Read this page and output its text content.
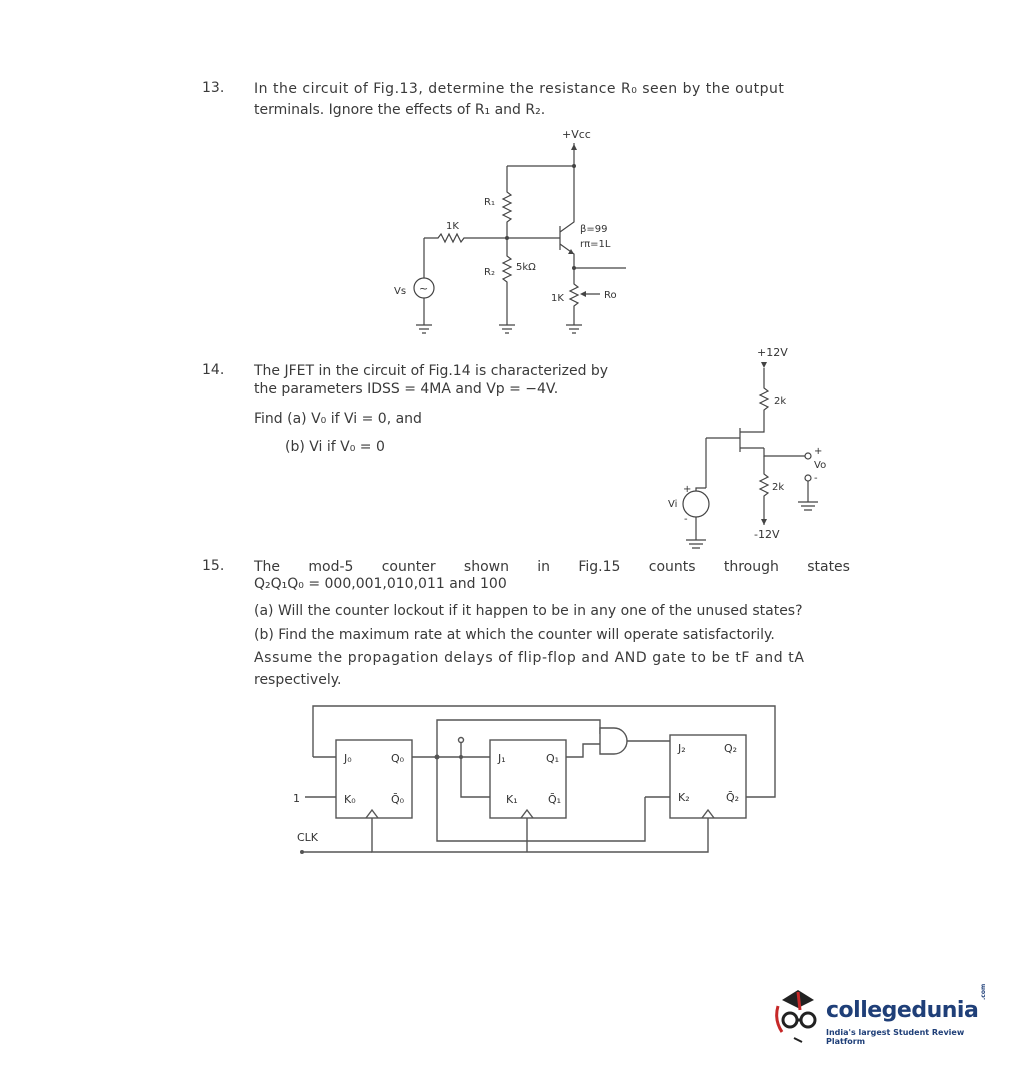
13. In the circuit of Fig.13, determine the resistance R₀ seen by the output
terminals. Ignore the effects of R₁ and R₂.
+Vcc
R₁
1K	β=99
rπ=1L
R₂ 5kΩ
1K	Ro
~
Vs
14. The JFET in the circuit of Fig.14 is characterized by
the parameters IDSS = 4MA and Vp = −4V.
Find (a) V₀ if Vi = 0, and
(b) Vi if V₀ = 0
+12V
2k
+
Vo
-
2k
-12V
+
Vi
-
15. The mod-5 counter shown in Fig.15 counts through states
Q₂Q₁Q₀ = 000,001,010,011 and 100
(a) Will the counter lockout if it happen to be in any one of the unused states?
(b) Find the maximum rate at which the counter will operate satisfactorily.
Assume the propagation delays of flip-flop and AND gate to be tF and tA
respectively.
J₀	Q₀
K₀	Q̄₀
1
J₁	Q₁
K₁	Q̄₁
J₂	Q₂
K₂	Q̄₂
CLK
collegedunia
.com
India's largest Student Review Platform
